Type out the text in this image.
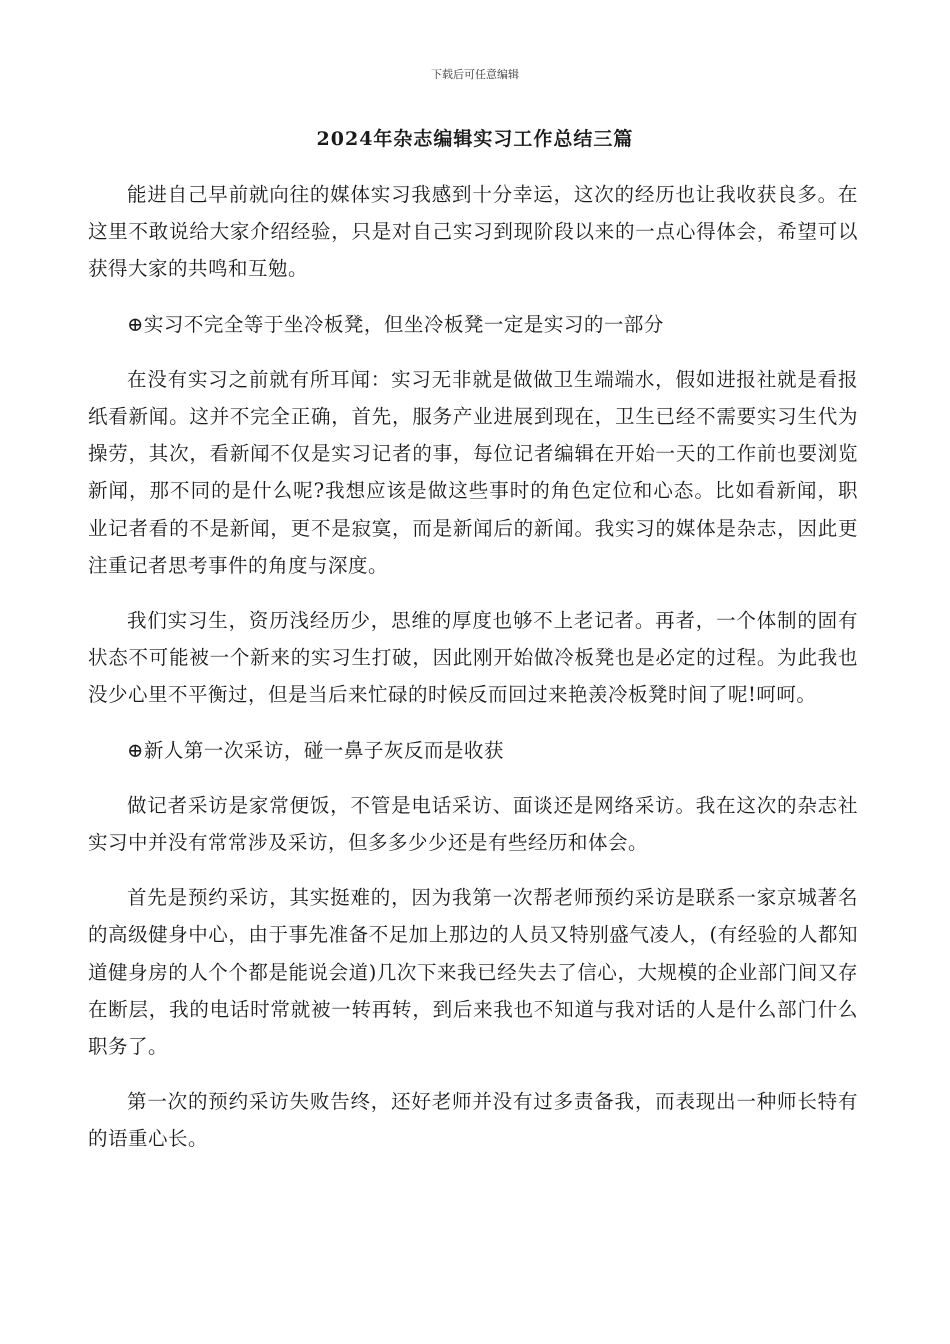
下载后可任意编辑
2024年杂志编辑实习工作总结三篇

能进自己早前就向往的媒体实习我感到十分幸运，这次的经历也让我收获良多。在这里不敢说给大家介绍经验，只是对自己实习到现阶段以来的一点心得体会，希望可以获得大家的共鸣和互勉。

⊕实习不完全等于坐冷板凳，但坐冷板凳一定是实习的一部分

在没有实习之前就有所耳闻：实习无非就是做做卫生端端水，假如进报社就是看报纸看新闻。这并不完全正确，首先，服务产业进展到现在，卫生已经不需要实习生代为操劳，其次，看新闻不仅是实习记者的事，每位记者编辑在开始一天的工作前也要浏览新闻，那不同的是什么呢?我想应该是做这些事时的角色定位和心态。比如看新闻，职业记者看的不是新闻，更不是寂寞，而是新闻后的新闻。我实习的媒体是杂志，因此更注重记者思考事件的角度与深度。

我们实习生，资历浅经历少，思维的厚度也够不上老记者。再者，一个体制的固有状态不可能被一个新来的实习生打破，因此刚开始做冷板凳也是必定的过程。为此我也没少心里不平衡过，但是当后来忙碌的时候反而回过来艳羡冷板凳时间了呢!呵呵。

⊕新人第一次采访，碰一鼻子灰反而是收获

做记者采访是家常便饭，不管是电话采访、面谈还是网络采访。我在这次的杂志社实习中并没有常常涉及采访，但多多少少还是有些经历和体会。

首先是预约采访，其实挺难的，因为我第一次帮老师预约采访是联系一家京城著名的高级健身中心，由于事先准备不足加上那边的人员又特别盛气凌人，(有经验的人都知道健身房的人个个都是能说会道)几次下来我已经失去了信心，大规模的企业部门间又存在断层，我的电话时常就被一转再转，到后来我也不知道与我对话的人是什么部门什么职务了。

第一次的预约采访失败告终，还好老师并没有过多责备我，而表现出一种师长特有的语重心长。
